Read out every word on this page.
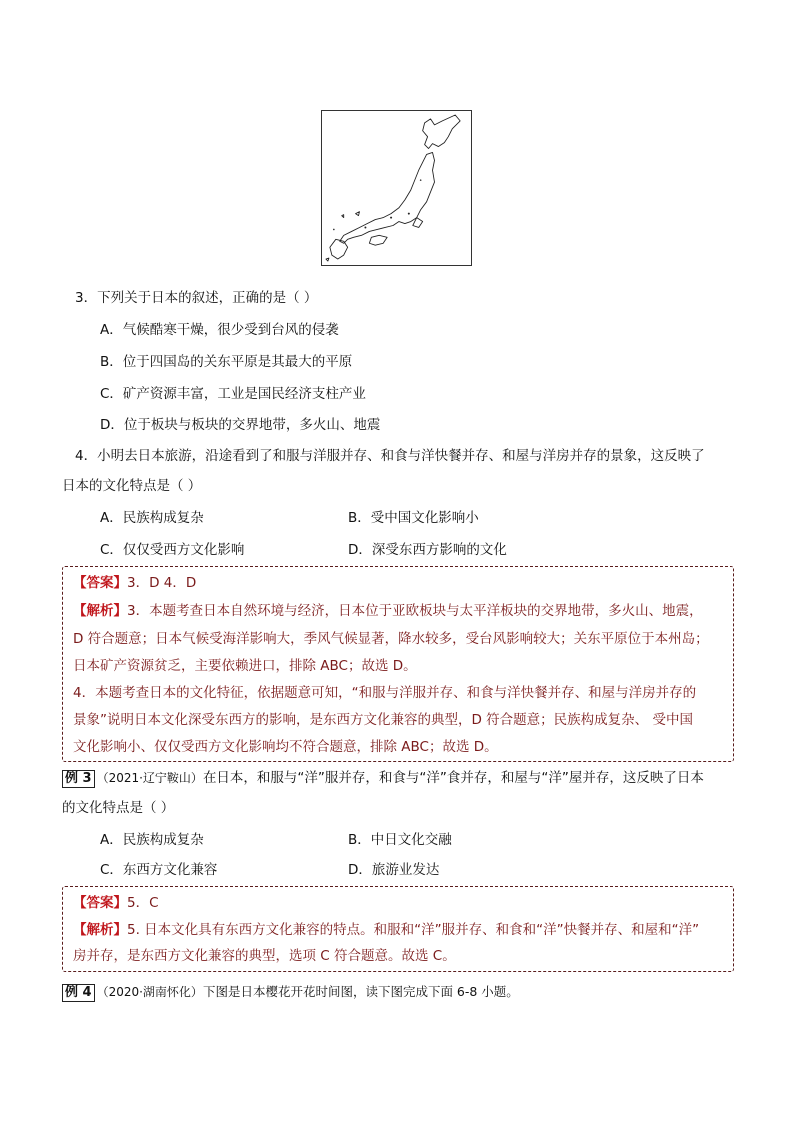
3．下列关于日本的叙述，正确的是（ ）
A．气候酷寒干燥，很少受到台风的侵袭
B．位于四国岛的关东平原是其最大的平原
C．矿产资源丰富，工业是国民经济支柱产业
D．位于板块与板块的交界地带，多火山、地震
4．小明去日本旅游，沿途看到了和服与洋服并存、和食与洋快餐并存、和屋与洋房并存的景象，这反映了
日本的文化特点是（ ）
A．民族构成复杂	B．受中国文化影响小
C．仅仅受西方文化影响	D．深受东西方影响的文化
【答案】3．D 4．D
【解析】3．本题考查日本自然环境与经济，日本位于亚欧板块与太平洋板块的交界地带，多火山、地震，
D 符合题意；日本气候受海洋影响大，季风气候显著，降水较多，受台风影响较大；关东平原位于本州岛；
日本矿产资源贫乏，主要依赖进口，排除 ABC；故选 D。
4．本题考查日本的文化特征，依据题意可知，“和服与洋服并存、和食与洋快餐并存、和屋与洋房并存的
景象”说明日本文化深受东西方的影响，是东西方文化兼容的典型，D 符合题意；民族构成复杂、 受中国
文化影响小、仅仅受西方文化影响均不符合题意，排除 ABC；故选 D。
例 3 （2021·辽宁鞍山）在日本，和服与“洋”服并存，和食与“洋”食并存，和屋与“洋”屋并存，这反映了日本
的文化特点是（ ）
A．民族构成复杂	B．中日文化交融
C．东西方文化兼容	D．旅游业发达
【答案】5．C
【解析】5. 日本文化具有东西方文化兼容的特点。和服和“洋”服并存、和食和“洋”快餐并存、和屋和“洋”
房并存，是东西方文化兼容的典型，选项 C 符合题意。故选 C。
例 4 （2020·湖南怀化）下图是日本樱花开花时间图，读下图完成下面 6-8 小题。
